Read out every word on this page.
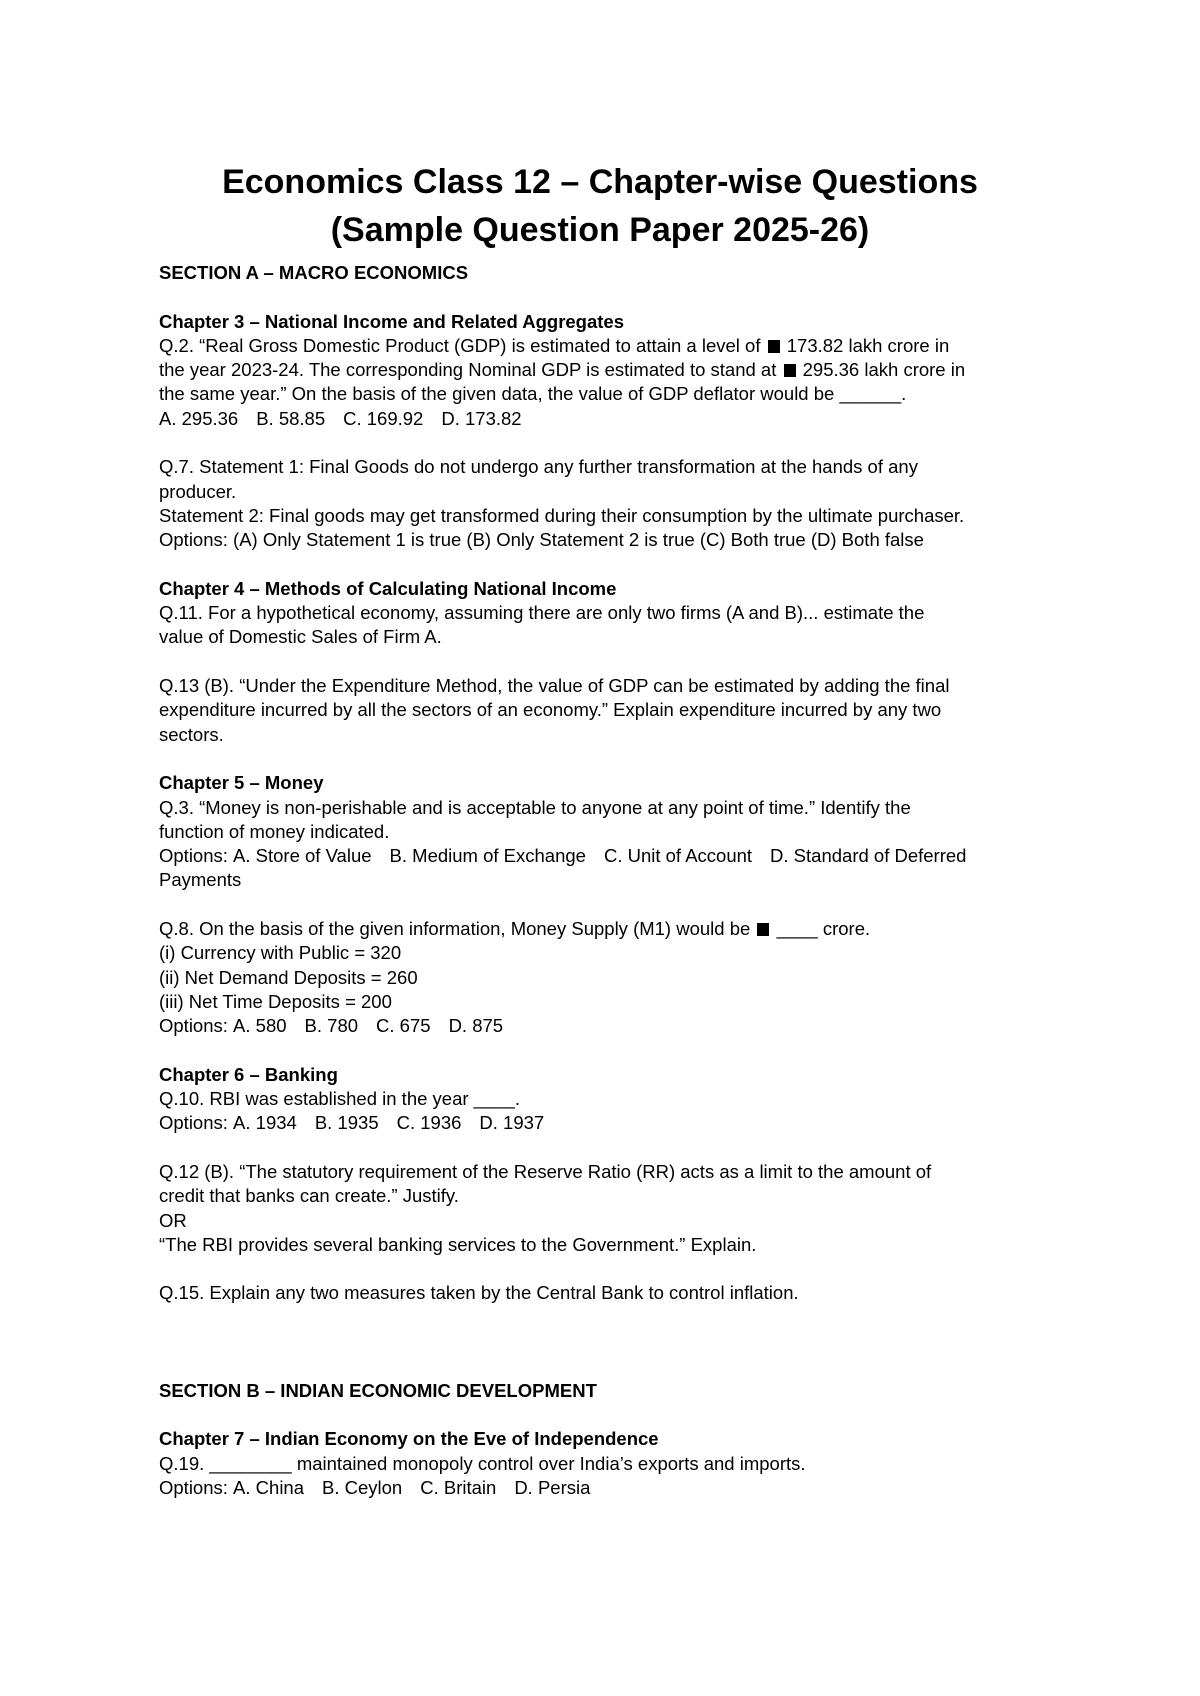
Economics Class 12 – Chapter-wise Questions
(Sample Question Paper 2025-26)

SECTION A – MACRO ECONOMICS

Chapter 3 – National Income and Related Aggregates

Q.2. “Real Gross Domestic Product (GDP) is estimated to attain a level of 173.82 lakh crore in

the year 2023-24. The corresponding Nominal GDP is estimated to stand at 295.36 lakh crore in

the same year.” On the basis of the given data, the value of GDP deflator would be ______.

A. 295.36 B. 58.85 C. 169.92 D. 173.82

Q.7. Statement 1: Final Goods do not undergo any further transformation at the hands of any

producer.

Statement 2: Final goods may get transformed during their consumption by the ultimate purchaser.

Options: (A) Only Statement 1 is true (B) Only Statement 2 is true (C) Both true (D) Both false

Chapter 4 – Methods of Calculating National Income

Q.11. For a hypothetical economy, assuming there are only two firms (A and B)... estimate the

value of Domestic Sales of Firm A.

Q.13 (B). “Under the Expenditure Method, the value of GDP can be estimated by adding the final

expenditure incurred by all the sectors of an economy.” Explain expenditure incurred by any two

sectors.

Chapter 5 – Money

Q.3. “Money is non-perishable and is acceptable to anyone at any point of time.” Identify the

function of money indicated.

Options: A. Store of Value B. Medium of Exchange C. Unit of Account D. Standard of Deferred

Payments

Q.8. On the basis of the given information, Money Supply (M1) would be ____ crore.

(i) Currency with Public = 320

(ii) Net Demand Deposits = 260

(iii) Net Time Deposits = 200

Options: A. 580 B. 780 C. 675 D. 875

Chapter 6 – Banking

Q.10. RBI was established in the year ____.

Options: A. 1934 B. 1935 C. 1936 D. 1937

Q.12 (B). “The statutory requirement of the Reserve Ratio (RR) acts as a limit to the amount of

credit that banks can create.” Justify.

OR

“The RBI provides several banking services to the Government.” Explain.

Q.15. Explain any two measures taken by the Central Bank to control inflation.

SECTION B – INDIAN ECONOMIC DEVELOPMENT

Chapter 7 – Indian Economy on the Eve of Independence

Q.19. ________ maintained monopoly control over India’s exports and imports.

Options: A. China B. Ceylon C. Britain D. Persia
